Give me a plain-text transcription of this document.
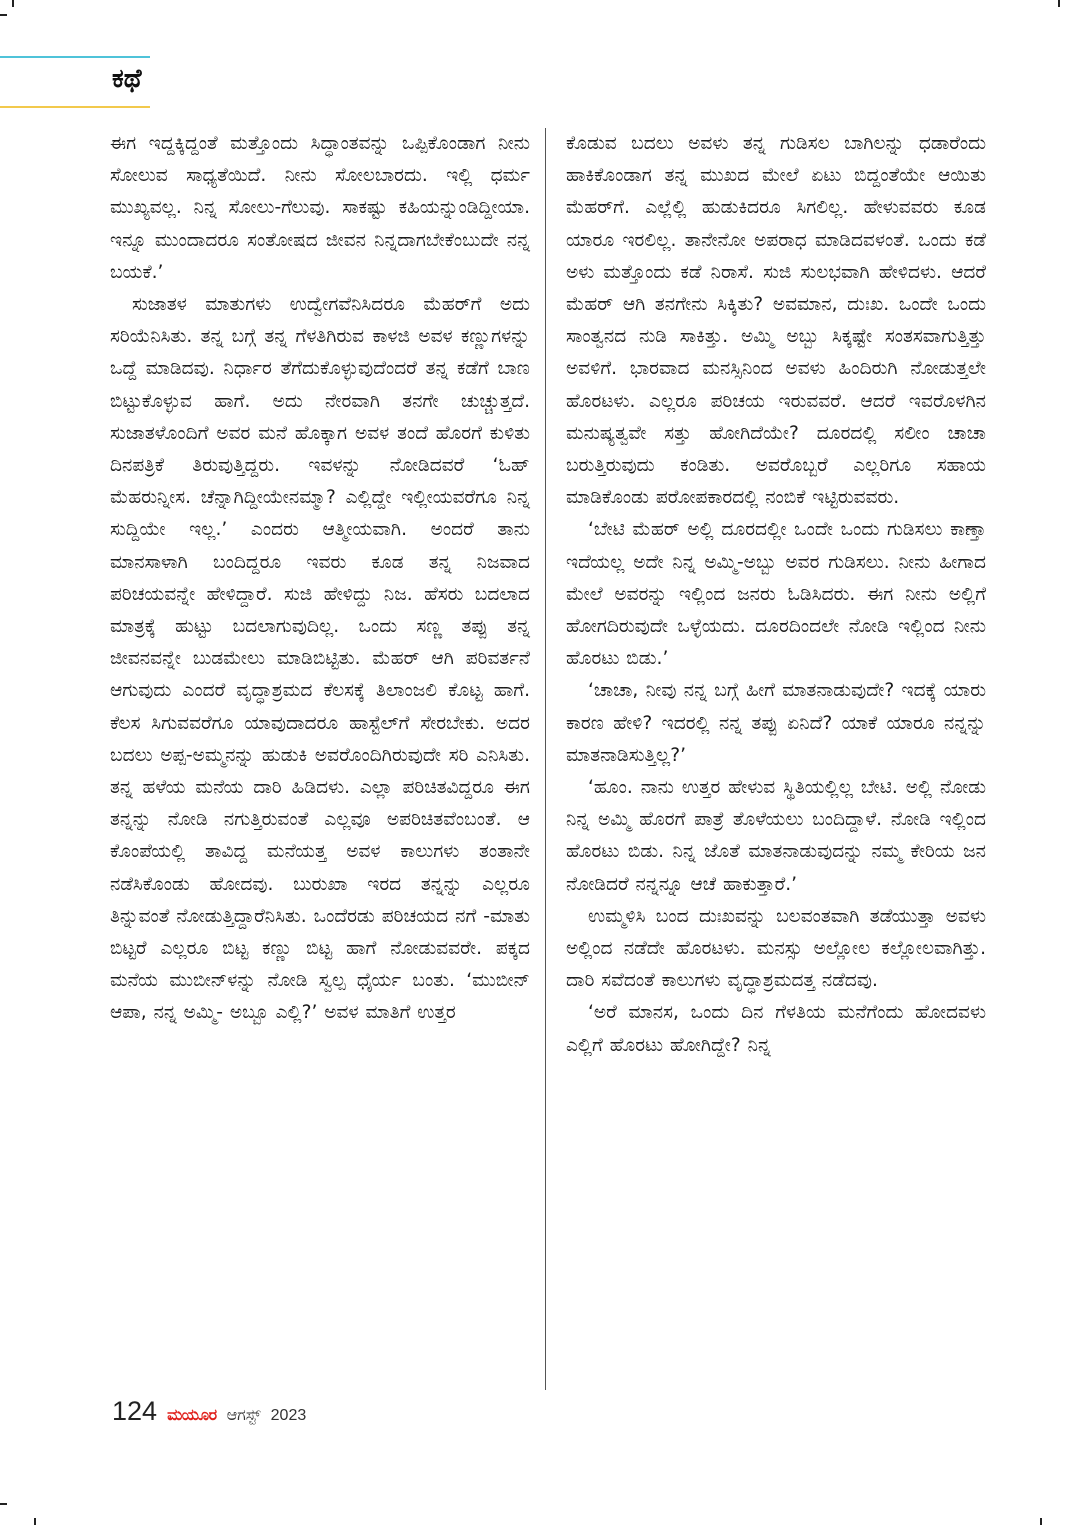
ಕಥೆ

ಈಗ ಇದ್ದಕ್ಕಿದ್ದಂತೆ ಮತ್ತೊಂದು ಸಿದ್ಧಾಂತವನ್ನು ಒಪ್ಪಿಕೊಂಡಾಗ ನೀನು ಸೋಲುವ ಸಾಧ್ಯತೆಯಿದೆ. ನೀನು ಸೋಲಬಾರದು. ಇಲ್ಲಿ ಧರ್ಮ ಮುಖ್ಯವಲ್ಲ. ನಿನ್ನ ಸೋಲು-ಗೆಲುವು. ಸಾಕಷ್ಟು ಕಹಿಯನ್ನುಂಡಿದ್ದೀಯಾ. ಇನ್ನೂ ಮುಂದಾದರೂ ಸಂತೋಷದ ಜೀವನ ನಿನ್ನದಾಗಬೇಕೆಂಬುದೇ ನನ್ನ ಬಯಕೆ.’

ಸುಜಾತಳ ಮಾತುಗಳು ಉದ್ವೇಗವೆನಿಸಿದರೂ ಮೆಹರ್‌ಗೆ ಅದು ಸರಿಯೆನಿಸಿತು. ತನ್ನ ಬಗ್ಗೆ ತನ್ನ ಗೆಳತಿಗಿರುವ ಕಾಳಜಿ ಅವಳ ಕಣ್ಣುಗಳನ್ನು ಒದ್ದೆ ಮಾಡಿದವು. ನಿರ್ಧಾರ ತೆಗೆದುಕೊಳ್ಳುವುದೆಂದರೆ ತನ್ನ ಕಡೆಗೆ ಬಾಣ ಬಿಟ್ಟುಕೊಳ್ಳುವ ಹಾಗೆ. ಅದು ನೇರವಾಗಿ ತನಗೇ ಚುಚ್ಚುತ್ತದೆ. ಸುಜಾತಳೊಂದಿಗೆ ಅವರ ಮನೆ ಹೊಕ್ಕಾಗ ಅವಳ ತಂದೆ ಹೊರಗೆ ಕುಳಿತು ದಿನಪತ್ರಿಕೆ ತಿರುವುತ್ತಿದ್ದರು. ಇವಳನ್ನು ನೋಡಿದವರೆ ‘ಓಹ್ ಮೆಹರುನ್ನೀಸ. ಚೆನ್ನಾಗಿದ್ದೀಯೇನಮ್ಮಾ? ಎಲ್ಲಿದ್ದೇ ಇಲ್ಲೀಯವರೆಗೂ ನಿನ್ನ ಸುದ್ದಿಯೇ ಇಲ್ಲ.’ ಎಂದರು ಆತ್ಮೀಯವಾಗಿ. ಅಂದರೆ ತಾನು ಮಾನಸಾಳಾಗಿ ಬಂದಿದ್ದರೂ ಇವರು ಕೂಡ ತನ್ನ ನಿಜವಾದ ಪರಿಚಯವನ್ನೇ ಹೇಳಿದ್ದಾರೆ. ಸುಜಿ ಹೇಳಿದ್ದು ನಿಜ. ಹೆಸರು ಬದಲಾದ ಮಾತ್ರಕ್ಕೆ ಹುಟ್ಟು ಬದಲಾಗುವುದಿಲ್ಲ. ಒಂದು ಸಣ್ಣ ತಪ್ಪು ತನ್ನ ಜೀವನವನ್ನೇ ಬುಡಮೇಲು ಮಾಡಿಬಿಟ್ಟಿತು. ಮೆಹರ್ ಆಗಿ ಪರಿವರ್ತನೆ ಆಗುವುದು ಎಂದರೆ ವೃದ್ಧಾಶ್ರಮದ ಕೆಲಸಕ್ಕೆ ತಿಲಾಂಜಲಿ ಕೊಟ್ಟ ಹಾಗೆ. ಕೆಲಸ ಸಿಗುವವರೆಗೂ ಯಾವುದಾದರೂ ಹಾಸ್ಟೆಲ್‌ಗೆ ಸೇರಬೇಕು. ಅದರ ಬದಲು ಅಪ್ಪ-ಅಮ್ಮನನ್ನು ಹುಡುಕಿ ಅವರೊಂದಿಗಿರುವುದೇ ಸರಿ ಎನಿಸಿತು. ತನ್ನ ಹಳೆಯ ಮನೆಯ ದಾರಿ ಹಿಡಿದಳು. ಎಲ್ಲಾ ಪರಿಚಿತವಿದ್ದರೂ ಈಗ ತನ್ನನ್ನು ನೋಡಿ ನಗುತ್ತಿರುವಂತೆ ಎಲ್ಲವೂ ಅಪರಿಚಿತವೆಂಬಂತೆ. ಆ ಕೊಂಪೆಯಲ್ಲಿ ತಾವಿದ್ದ ಮನೆಯತ್ತ ಅವಳ ಕಾಲುಗಳು ತಂತಾನೇ ನಡೆಸಿಕೊಂಡು ಹೋದವು. ಬುರುಖಾ ಇರದ ತನ್ನನ್ನು ಎಲ್ಲರೂ ತಿನ್ನುವಂತೆ ನೋಡುತ್ತಿದ್ದಾರೆನಿಸಿತು. ಒಂದೆರಡು ಪರಿಚಯದ ನಗೆ -ಮಾತು ಬಿಟ್ಟರೆ ಎಲ್ಲರೂ ಬಿಟ್ಟ ಕಣ್ಣು ಬಿಟ್ಟ ಹಾಗೆ ನೋಡುವವರೇ. ಪಕ್ಕದ ಮನೆಯ ಮುಬೀನ್‌ಳನ್ನು ನೋಡಿ ಸ್ವಲ್ಪ ಧೈರ್ಯ ಬಂತು. ‘ಮುಬೀನ್ ಆಪಾ, ನನ್ನ ಅಮ್ಮಿ- ಅಬ್ಬೂ ಎಲ್ಲಿ?’ ಅವಳ ಮಾತಿಗೆ ಉತ್ತರ

ಕೊಡುವ ಬದಲು ಅವಳು ತನ್ನ ಗುಡಿಸಲ ಬಾಗಿಲನ್ನು ಧಡಾರೆಂದು ಹಾಕಿಕೊಂಡಾಗ ತನ್ನ ಮುಖದ ಮೇಲೆ ಏಟು ಬಿದ್ದಂತೆಯೇ ಆಯಿತು ಮೆಹರ್‌ಗೆ. ಎಲ್ಲೆಲ್ಲಿ ಹುಡುಕಿದರೂ ಸಿಗಲಿಲ್ಲ. ಹೇಳುವವರು ಕೂಡ ಯಾರೂ ಇರಲಿಲ್ಲ. ತಾನೇನೋ ಅಪರಾಧ ಮಾಡಿದವಳಂತೆ. ಒಂದು ಕಡೆ ಅಳು ಮತ್ತೊಂದು ಕಡೆ ನಿರಾಸೆ. ಸುಜಿ ಸುಲಭವಾಗಿ ಹೇಳಿದಳು. ಆದರೆ ಮೆಹರ್ ಆಗಿ ತನಗೇನು ಸಿಕ್ಕಿತು? ಅವಮಾನ, ದುಃಖ. ಒಂದೇ ಒಂದು ಸಾಂತ್ವನದ ನುಡಿ ಸಾಕಿತ್ತು. ಅಮ್ಮಿ ಅಬ್ಬು ಸಿಕ್ಕಷ್ಟೇ ಸಂತಸವಾಗುತ್ತಿತ್ತು ಅವಳಿಗೆ. ಭಾರವಾದ ಮನಸ್ಸಿನಿಂದ ಅವಳು ಹಿಂದಿರುಗಿ ನೋಡುತ್ತಲೇ ಹೊರಟಳು. ಎಲ್ಲರೂ ಪರಿಚಯ ಇರುವವರೆ. ಆದರೆ ಇವರೊಳಗಿನ ಮನುಷ್ಯತ್ವವೇ ಸತ್ತು ಹೋಗಿದೆಯೇ? ದೂರದಲ್ಲಿ ಸಲೀಂ ಚಾಚಾ ಬರುತ್ತಿರುವುದು ಕಂಡಿತು. ಅವರೊಬ್ಬರೆ ಎಲ್ಲರಿಗೂ ಸಹಾಯ ಮಾಡಿಕೊಂಡು ಪರೋಪಕಾರದಲ್ಲಿ ನಂಬಿಕೆ ಇಟ್ಟಿರುವವರು.

‘ಬೇಟಿ ಮೆಹರ್ ಅಲ್ಲಿ ದೂರದಲ್ಲೀ ಒಂದೇ ಒಂದು ಗುಡಿಸಲು ಕಾಣ್ತಾ ಇದೆಯಲ್ಲ ಅದೇ ನಿನ್ನ ಅಮ್ಮಿ-ಅಬ್ಬು ಅವರ ಗುಡಿಸಲು. ನೀನು ಹೀಗಾದ ಮೇಲೆ ಅವರನ್ನು ಇಲ್ಲಿಂದ ಜನರು ಓಡಿಸಿದರು. ಈಗ ನೀನು ಅಲ್ಲಿಗೆ ಹೋಗದಿರುವುದೇ ಒಳ್ಳೆಯದು. ದೂರದಿಂದಲೇ ನೋಡಿ ಇಲ್ಲಿಂದ ನೀನು ಹೊರಟು ಬಿಡು.’

‘ಚಾಚಾ, ನೀವು ನನ್ನ ಬಗ್ಗೆ ಹೀಗೆ ಮಾತನಾಡುವುದೇ? ಇದಕ್ಕೆ ಯಾರು ಕಾರಣ ಹೇಳಿ? ಇದರಲ್ಲಿ ನನ್ನ ತಪ್ಪು ಏನಿದೆ? ಯಾಕೆ ಯಾರೂ ನನ್ನನ್ನು ಮಾತನಾಡಿಸುತ್ತಿಲ್ಲ?’

‘ಹೂಂ. ನಾನು ಉತ್ತರ ಹೇಳುವ ಸ್ಥಿತಿಯಲ್ಲಿಲ್ಲ ಬೇಟಿ. ಅಲ್ಲಿ ನೋಡು ನಿನ್ನ ಅಮ್ಮಿ ಹೊರಗೆ ಪಾತ್ರೆ ತೊಳೆಯಲು ಬಂದಿದ್ದಾಳೆ. ನೋಡಿ ಇಲ್ಲಿಂದ ಹೊರಟು ಬಿಡು. ನಿನ್ನ ಜೊತೆ ಮಾತನಾಡುವುದನ್ನು ನಮ್ಮ ಕೇರಿಯ ಜನ ನೋಡಿದರೆ ನನ್ನನ್ನೂ ಆಚೆ ಹಾಕುತ್ತಾರೆ.’

ಉಮ್ಮಳಿಸಿ ಬಂದ ದುಃಖವನ್ನು ಬಲವಂತವಾಗಿ ತಡೆಯುತ್ತಾ ಅವಳು ಅಲ್ಲಿಂದ ನಡೆದೇ ಹೊರಟಳು. ಮನಸ್ಸು ಅಲ್ಲೋಲ ಕಲ್ಲೋಲವಾಗಿತ್ತು. ದಾರಿ ಸವೆದಂತೆ ಕಾಲುಗಳು ವೃದ್ಧಾಶ್ರಮದತ್ತ ನಡೆದವು.

‘ಅರೆ ಮಾನಸ, ಒಂದು ದಿನ ಗೆಳತಿಯ ಮನೆಗೆಂದು ಹೋದವಳು ಎಲ್ಲಿಗೆ ಹೊರಟು ಹೋಗಿದ್ದೇ? ನಿನ್ನ

124 ಮಯೂರ ಆಗಸ್ಟ್ 2023
